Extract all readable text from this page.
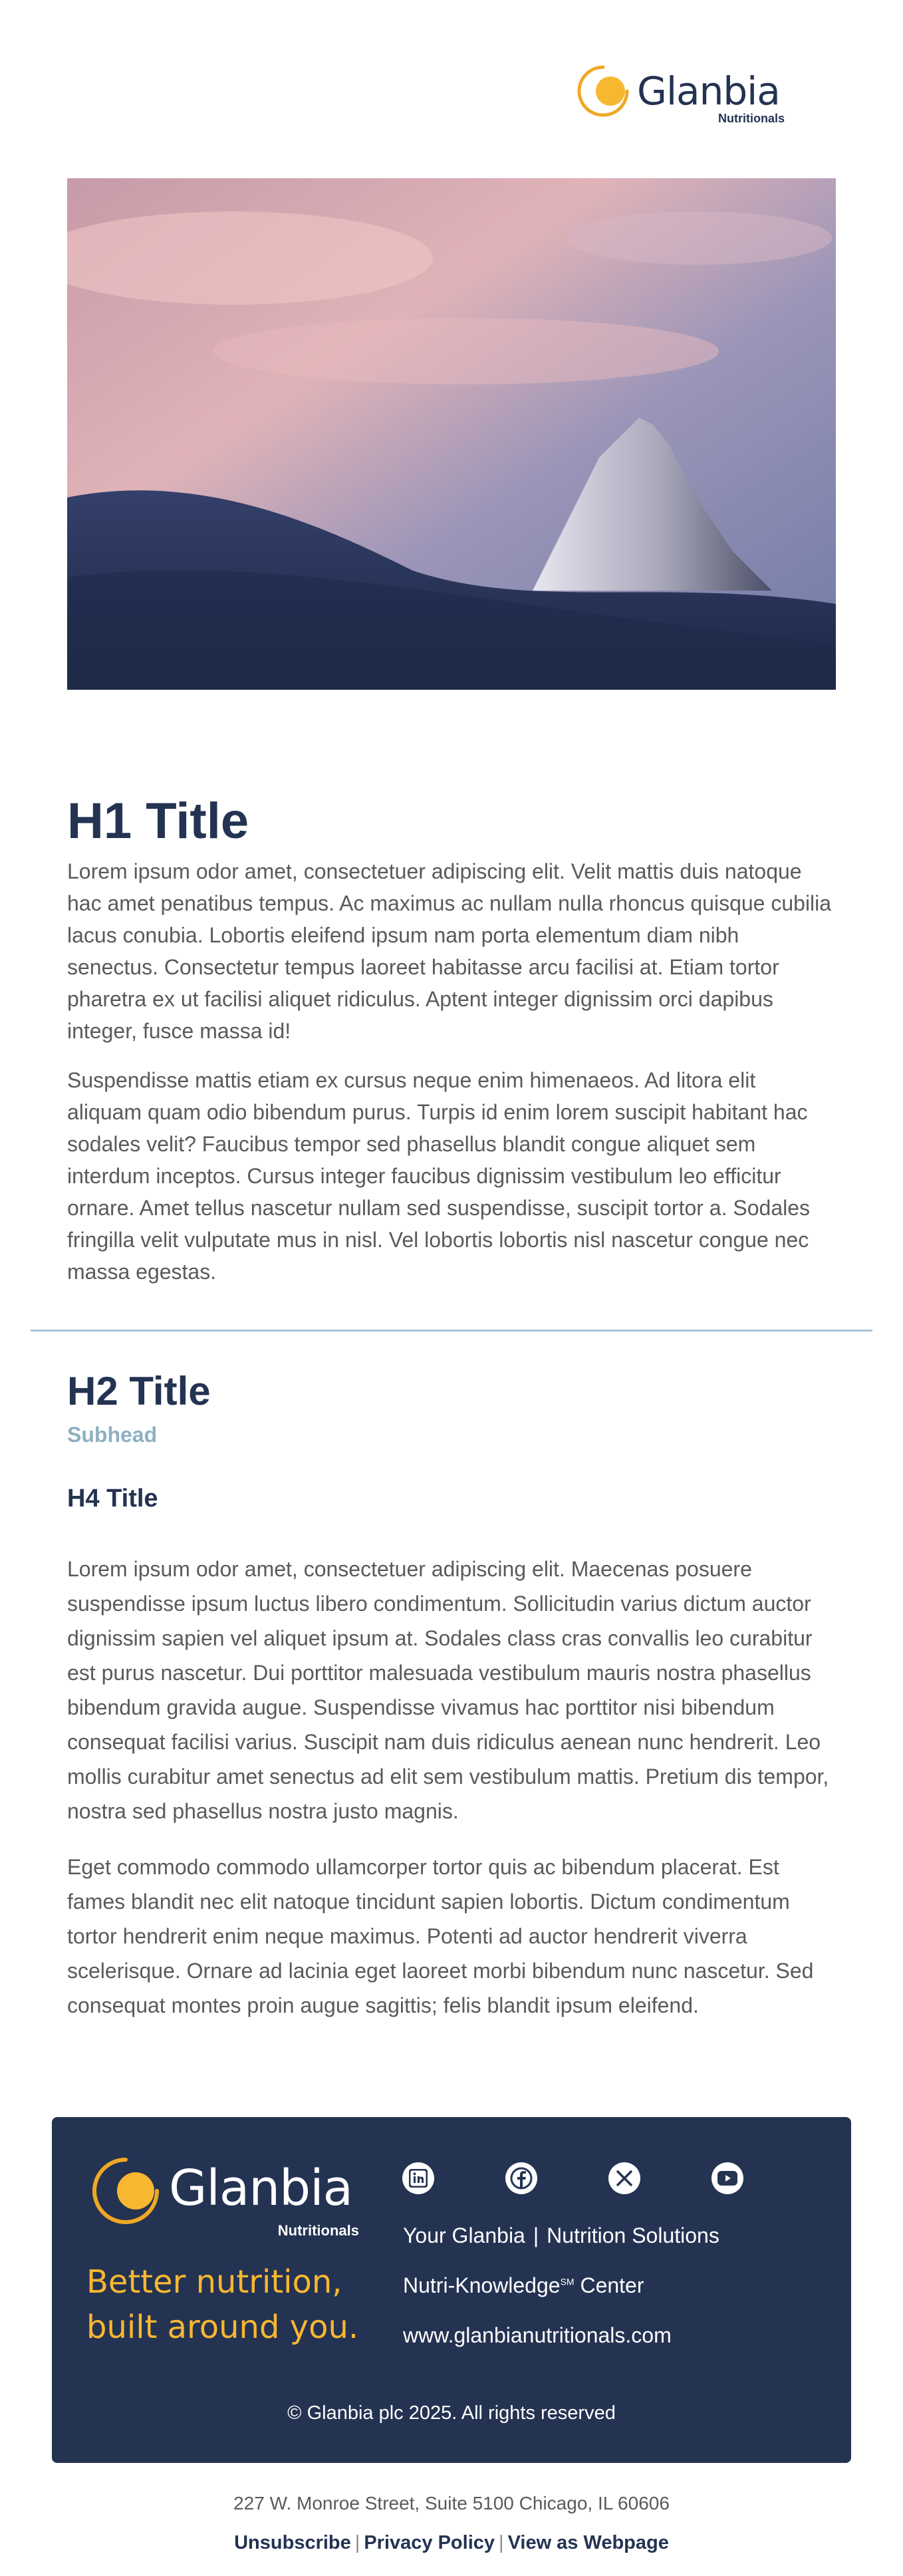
Glanbia
Nutritionals
H1 Title

Lorem ipsum odor amet, consectetuer adipiscing elit. Velit mattis duis natoque hac amet penatibus tempus. Ac maximus ac nullam nulla rhoncus quisque cubilia lacus conubia. Lobortis eleifend ipsum nam porta elementum diam nibh senectus. Consectetur tempus laoreet habitasse arcu facilisi at. Etiam tortor pharetra ex ut facilisi aliquet ridiculus. Aptent integer dignissim orci dapibus integer, fusce massa id!

Suspendisse mattis etiam ex cursus neque enim himenaeos. Ad litora elit aliquam quam odio bibendum purus. Turpis id enim lorem suscipit habitant hac sodales velit? Faucibus tempor sed phasellus blandit congue aliquet sem interdum inceptos. Cursus integer faucibus dignissim vestibulum leo efficitur ornare. Amet tellus nascetur nullam sed suspendisse, suscipit tortor a. Sodales fringilla velit vulputate mus in nisl. Vel lobortis lobortis nisl nascetur congue nec massa egestas.

H2 Title

Subhead

H4 Title

Lorem ipsum odor amet, consectetuer adipiscing elit. Maecenas posuere suspendisse ipsum luctus libero condimentum. Sollicitudin varius dictum auctor dignissim sapien vel aliquet ipsum at. Sodales class cras convallis leo curabitur est purus nascetur. Dui porttitor malesuada vestibulum mauris nostra phasellus bibendum gravida augue. Suspendisse vivamus hac porttitor nisi bibendum consequat facilisi varius. Suscipit nam duis ridiculus aenean nunc hendrerit. Leo mollis curabitur amet senectus ad elit sem vestibulum mattis. Pretium dis tempor, nostra sed phasellus nostra justo magnis.

Eget commodo commodo ullamcorper tortor quis ac bibendum placerat. Est fames blandit nec elit natoque tincidunt sapien lobortis. Dictum condimentum tortor hendrerit enim neque maximus. Potenti ad auctor hendrerit viverra scelerisque. Ornare ad lacinia eget laoreet morbi bibendum nunc nascetur. Sed consequat montes proin augue sagittis; felis blandit ipsum eleifend.

Glanbia
Nutritionals

Better nutrition,
built around you.

Your Glanbia | Nutrition Solutions
Nutri-Knowledge℠ Center
www.glanbianutritionals.com
© Glanbia plc 2025. All rights reserved
227 W. Monroe Street, Suite 5100 Chicago, IL 60606
Unsubscribe | Privacy Policy | View as Webpage
